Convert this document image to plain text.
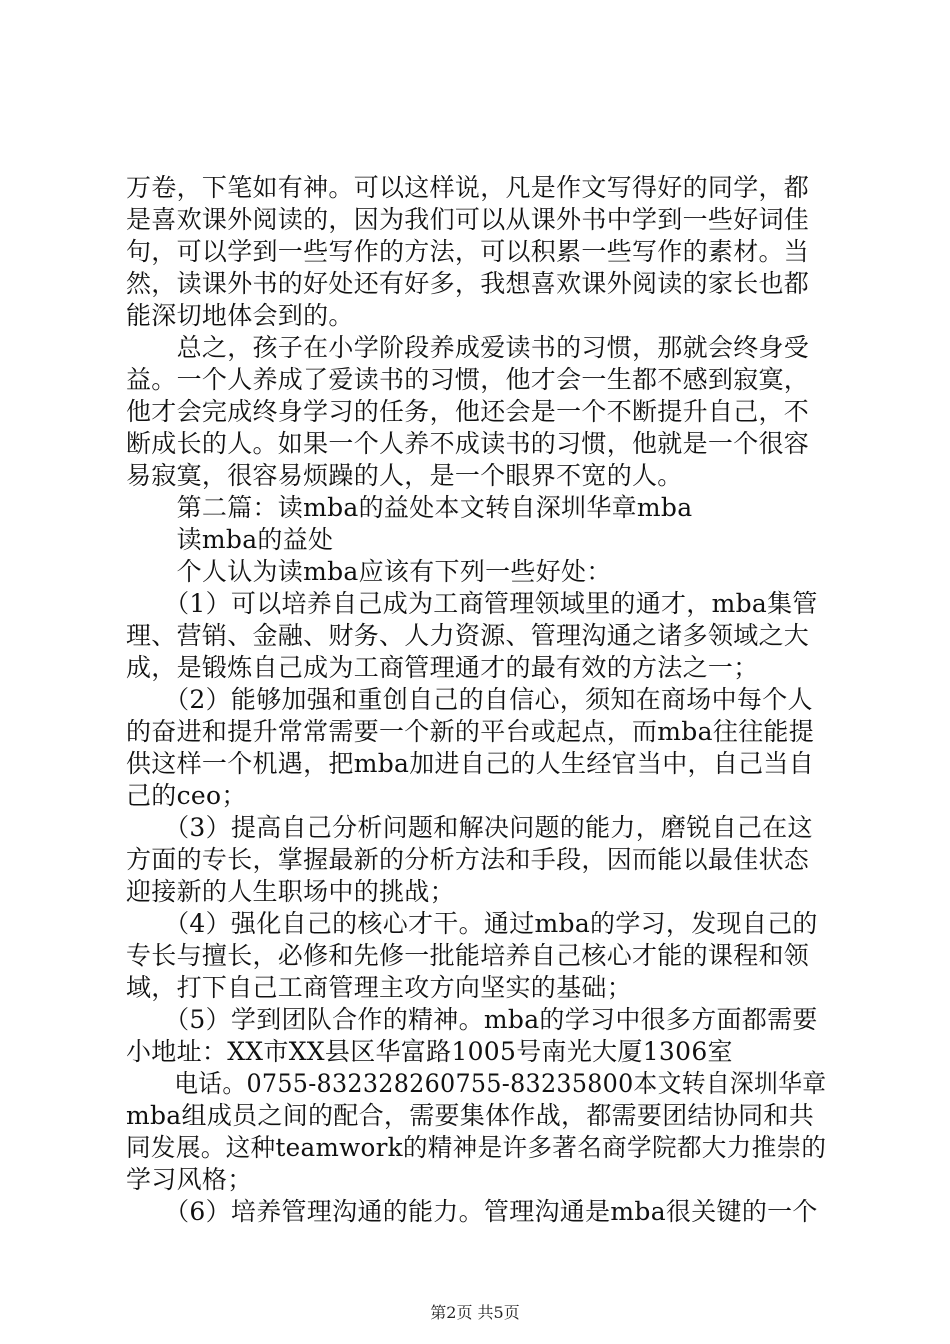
万卷，下笔如有神。可以这样说，凡是作文写得好的同学，都
是喜欢课外阅读的，因为我们可以从课外书中学到一些好词佳
句，可以学到一些写作的方法，可以积累一些写作的素材。当
然，读课外书的好处还有好多，我想喜欢课外阅读的家长也都
能深切地体会到的。
　　总之，孩子在小学阶段养成爱读书的习惯，那就会终身受
益。一个人养成了爱读书的习惯，他才会一生都不感到寂寞，
他才会完成终身学习的任务，他还会是一个不断提升自己，不
断成长的人。如果一个人养不成读书的习惯，他就是一个很容
易寂寞，很容易烦躁的人，是一个眼界不宽的人。
　　第二篇：读mba的益处本文转自深圳华章mba
　　读mba的益处
　　个人认为读mba应该有下列一些好处：
　　（1）可以培养自己成为工商管理领域里的通才，mba集管
理、营销、金融、财务、人力资源、管理沟通之诸多领域之大
成，是锻炼自己成为工商管理通才的最有效的方法之一；
　　（2）能够加强和重创自己的自信心，须知在商场中每个人
的奋进和提升常常需要一个新的平台或起点，而mba往往能提
供这样一个机遇，把mba加进自己的人生经官当中，自己当自
己的ceo；
　　（3）提高自己分析问题和解决问题的能力，磨锐自己在这
方面的专长，掌握最新的分析方法和手段，因而能以最佳状态
迎接新的人生职场中的挑战；
　　（4）强化自己的核心才干。通过mba的学习，发现自己的
专长与擅长，必修和先修一批能培养自己核心才能的课程和领
域，打下自己工商管理主攻方向坚实的基础；
　　（5）学到团队合作的精神。mba的学习中很多方面都需要
小地址：XX市XX县区华富路1005号南光大厦1306室
　　电话。0755-832328260755-83235800本文转自深圳华章
mba组成员之间的配合，需要集体作战，都需要团结协同和共
同发展。这种teamwork的精神是许多著名商学院都大力推崇的
学习风格；
　　（6）培养管理沟通的能力。管理沟通是mba很关键的一个
第2页 共5页
